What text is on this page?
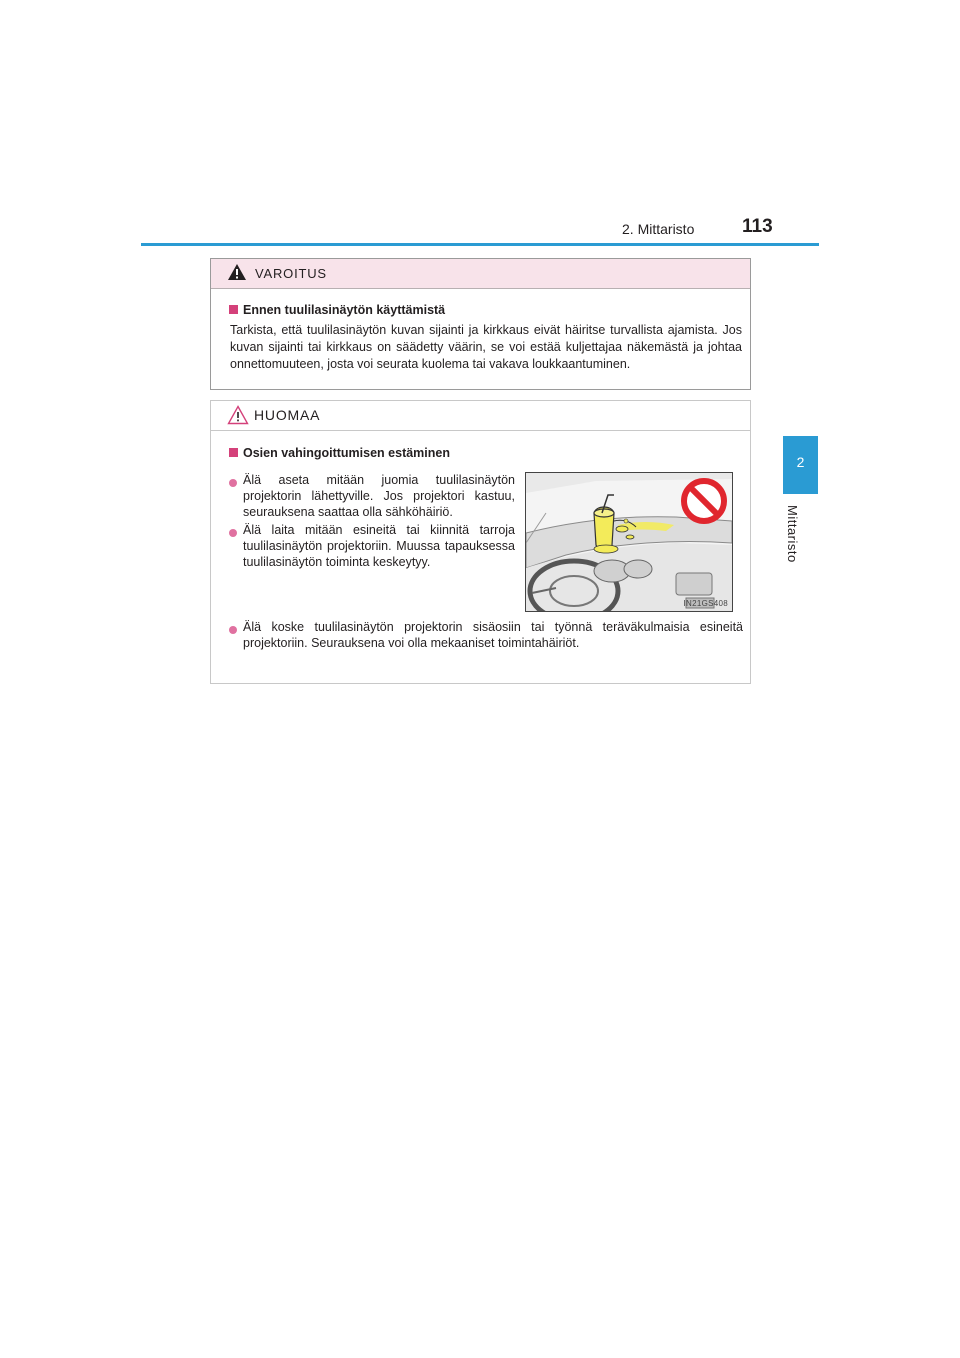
2. Mittaristo	113
2
Mittaristo
VAROITUS
Ennen tuulilasinäytön käyttämistä
Tarkista, että tuulilasinäytön kuvan sijainti ja kirkkaus eivät häiritse turvallista ajamista. Jos kuvan sijainti tai kirkkaus on säädetty väärin, se voi estää kuljettajaa näkemästä ja johtaa onnettomuuteen, josta voi seurata kuolema tai vakava loukkaantuminen.
HUOMAA
Osien vahingoittumisen estäminen
Älä aseta mitään juomia tuulilasinäytön projektorin lähettyville. Jos projektori kastuu, seurauksena saattaa olla sähköhäiriö.
Älä laita mitään esineitä tai kiinnitä tarroja tuulilasinäytön projektoriin. Muussa tapauksessa tuulilasinäytön toiminta keskeytyy.
Älä koske tuulilasinäytön projektorin sisäosiin tai työnnä teräväkulmaisia esineitä projektoriin. Seurauksena voi olla mekaaniset toimintahäiriöt.
IN21GS408
